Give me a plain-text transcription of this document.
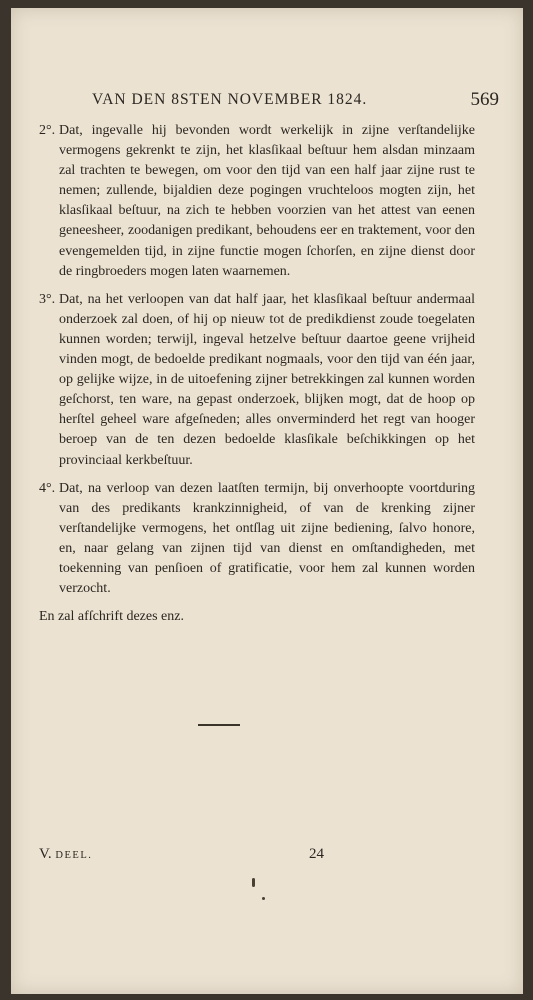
VAN DEN 8STEN NOVEMBER 1824.	569
2°. Dat, ingevalle hij bevonden wordt werkelijk in zijne verſtandelijke vermogens gekrenkt te zijn, het klasſikaal beſtuur hem alsdan minzaam zal trachten te bewegen, om voor den tijd van een half jaar zijne rust te nemen; zullende, bijaldien deze pogingen vruchteloos mogten zijn, het klasſikaal beſtuur, na zich te hebben voorzien van het attest van eenen geneesheer, zoodanigen predikant, behoudens eer en traktement, voor den evengemelden tijd, in zijne functie mogen ſchorſen, en zijne dienst door de ringbroeders mogen laten waarnemen.
3°. Dat, na het verloopen van dat half jaar, het klasſikaal beſtuur andermaal onderzoek zal doen, of hij op nieuw tot de predikdienst zoude toegelaten kunnen worden; terwijl, ingeval hetzelve beſtuur daartoe geene vrijheid vinden mogt, de bedoelde predikant nogmaals, voor den tijd van één jaar, op gelijke wijze, in de uitoefening zijner betrekkingen zal kunnen worden geſchorst, ten ware, na gepast onderzoek, blijken mogt, dat de hoop op herſtel geheel ware afgeſneden; alles onverminderd het regt van hooger beroep van de ten dezen bedoelde klasſikale beſchikkingen op het provinciaal kerkbeſtuur.
4°. Dat, na verloop van dezen laatſten termijn, bij onverhoopte voortduring van des predikants krankzinnigheid, of van de krenking zijner verſtandelijke vermogens, het ontſlag uit zijne bediening, ſalvo honore, en, naar gelang van zijnen tijd van dienst en omſtandigheden, met toekenning van penſioen of gratificatie, voor hem zal kunnen worden verzocht.
En zal afſchrift dezes enz.
V. DEEL.	24
